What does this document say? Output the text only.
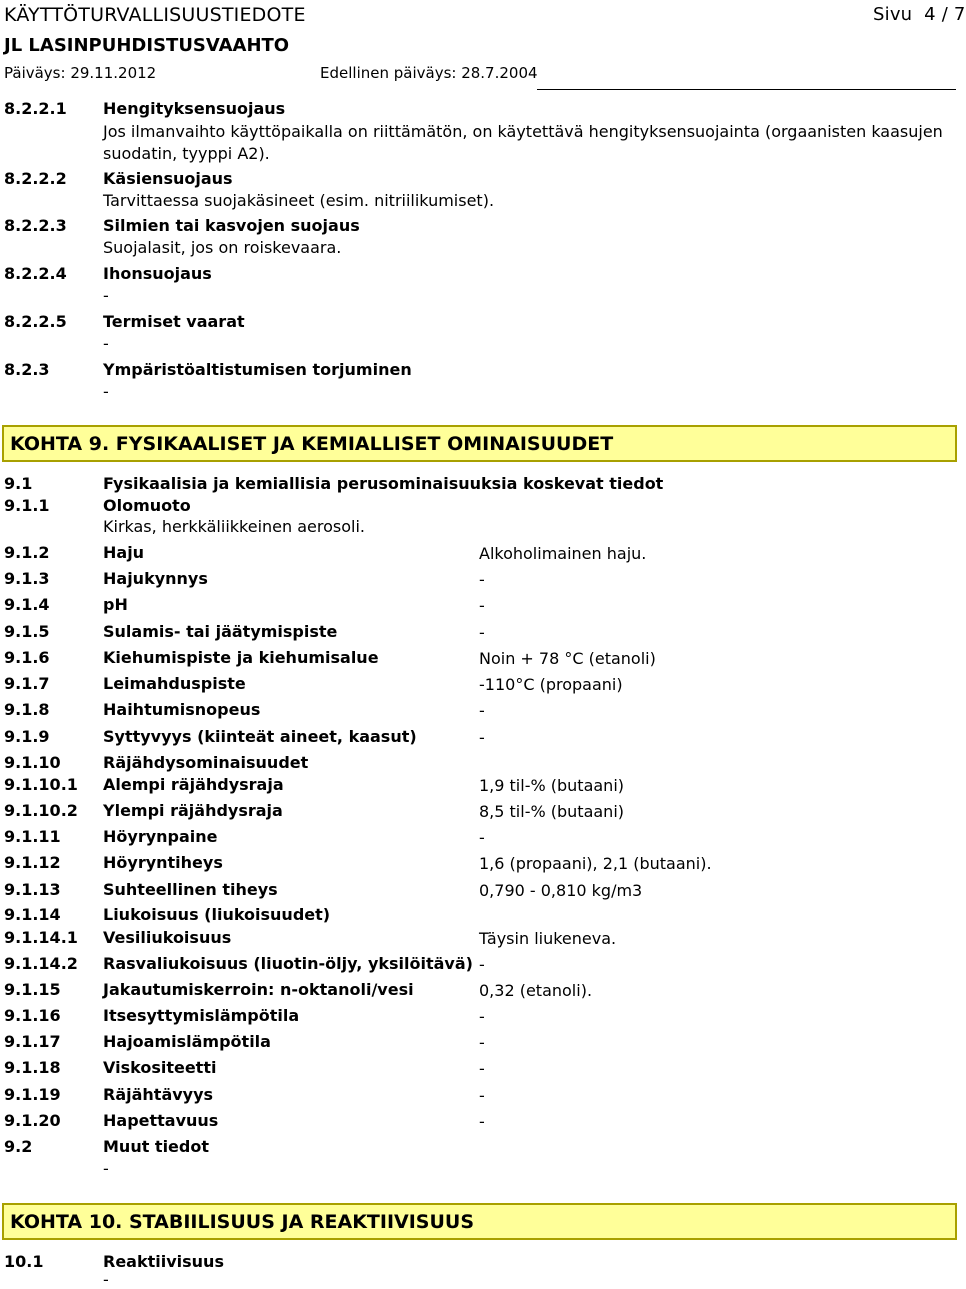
KÄYTTÖTURVALLISUUSTIEDOTE	Sivu 4 / 7
JL LASINPUHDISTUSVAAHTO
Päiväys: 29.11.2012	Edellinen päiväys: 28.7.2004
8.2.2.1 Hengityksensuojaus
Jos ilmanvaihto käyttöpaikalla on riittämätön, on käytettävä hengityksensuojainta (orgaanisten kaasujen
suodatin, tyyppi A2).
8.2.2.2 Käsiensuojaus
Tarvittaessa suojakäsineet (esim. nitriilikumiset).
8.2.2.3 Silmien tai kasvojen suojaus
Suojalasit, jos on roiskevaara.
8.2.2.4 Ihonsuojaus
-
8.2.2.5 Termiset vaarat
-
8.2.3	Ympäristöaltistumisen torjuminen
-
KOHTA 9. FYSIKAALISET JA KEMIALLISET OMINAISUUDET
9.1	Fysikaalisia ja kemiallisia perusominaisuuksia koskevat tiedot
9.1.1	Olomuoto
Kirkas, herkkäliikkeinen aerosoli.
9.1.2	Haju	Alkoholimainen haju.
9.1.3	Hajukynnys	-
9.1.4	pH	-
9.1.5	Sulamis- tai jäätymispiste	-
9.1.6	Kiehumispiste ja kiehumisalue	Noin + 78 °C (etanoli)
9.1.7	Leimahduspiste	-110°C (propaani)
9.1.8	Haihtumisnopeus	-
9.1.9	Syttyvyys (kiinteät aineet, kaasut)	-
9.1.10	Räjähdysominaisuudet
9.1.10.1 Alempi räjähdysraja	1,9 til-% (butaani)
9.1.10.2 Ylempi räjähdysraja	8,5 til-% (butaani)
9.1.11	Höyrynpaine	-
9.1.12	Höyryntiheys	1,6 (propaani), 2,1 (butaani).
9.1.13	Suhteellinen tiheys	0,790 - 0,810 kg/m3
9.1.14	Liukoisuus (liukoisuudet)
9.1.14.1 Vesiliukoisuus	Täysin liukeneva.
9.1.14.2 Rasvaliukoisuus (liuotin-öljy, yksilöitävä) -
9.1.15	Jakautumiskerroin: n-oktanoli/vesi	0,32 (etanoli).
9.1.16	Itsesyttymislämpötila	-
9.1.17	Hajoamislämpötila	-
9.1.18	Viskositeetti	-
9.1.19	Räjähtävyys	-
9.1.20	Hapettavuus	-
9.2	Muut tiedot
-
KOHTA 10. STABIILISUUS JA REAKTIIVISUUS
10.1	Reaktiivisuus
-
